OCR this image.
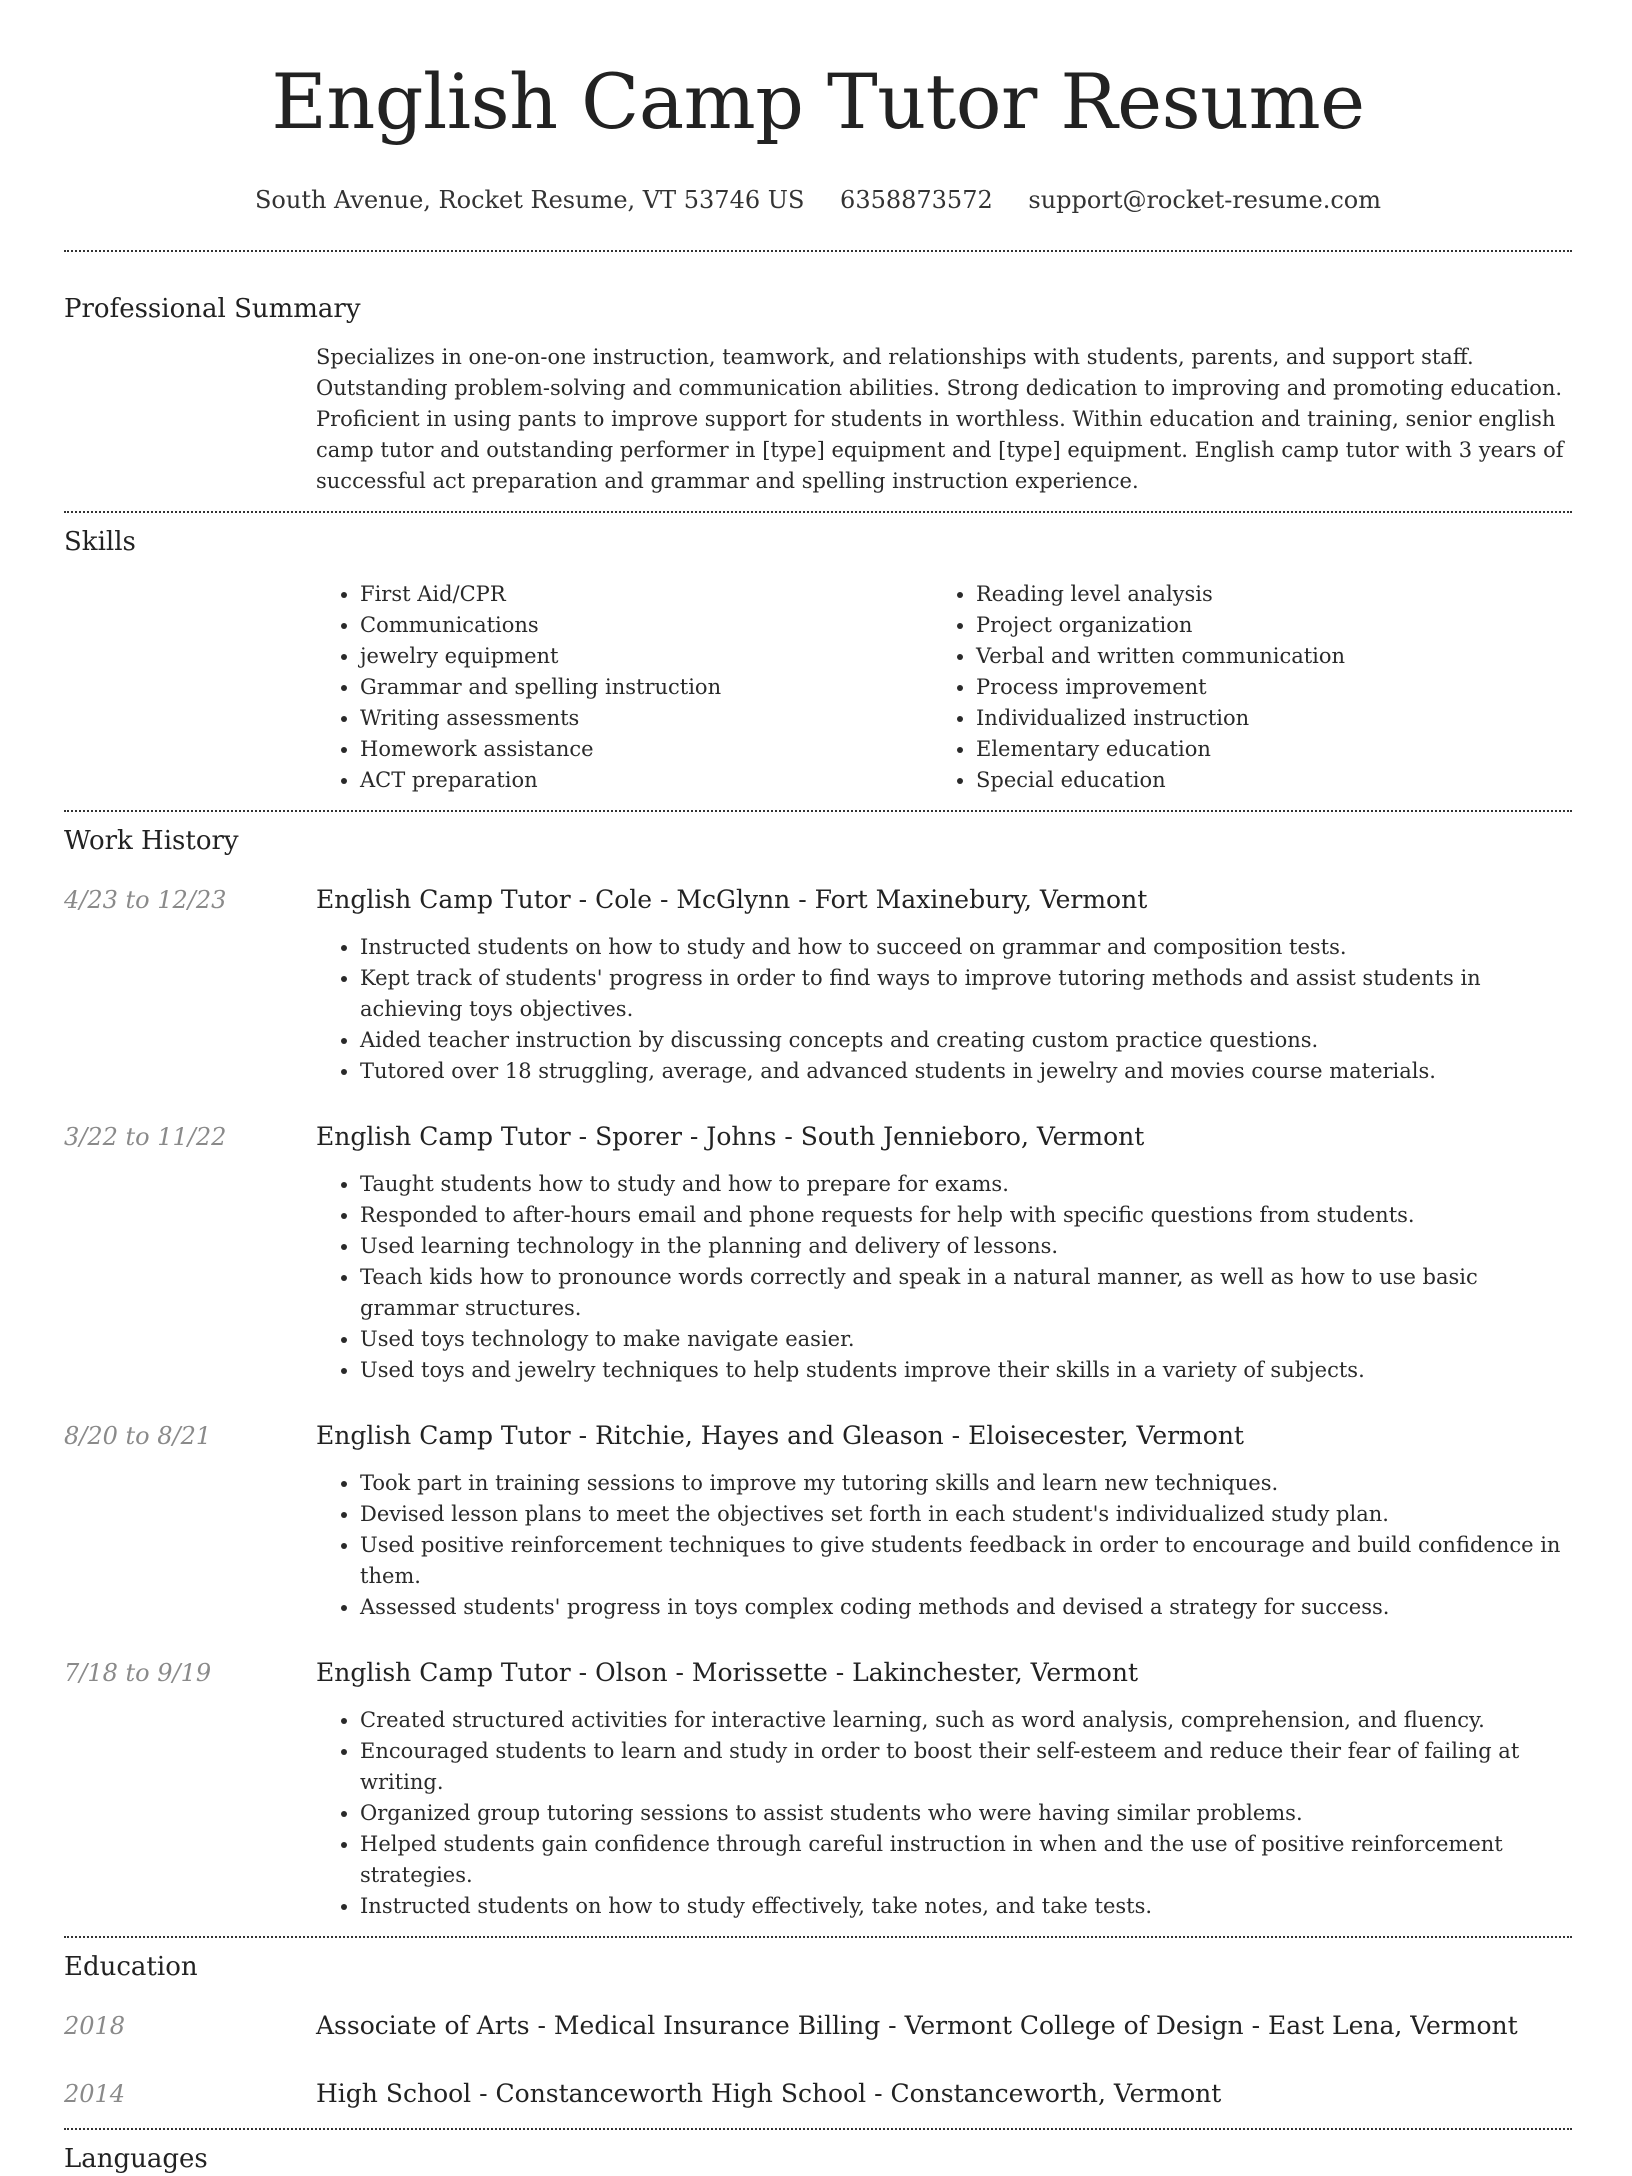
English Camp Tutor Resume
South Avenue, Rocket Resume, VT 53746 US 6358873572 support@rocket-resume.com
Professional Summary

Specializes in one-on-one instruction, teamwork, and relationships with students, parents, and support staff. Outstanding problem-solving and communication abilities. Strong dedication to improving and promoting education. Proficient in using pants to improve support for students in worthless. Within education and training, senior english camp tutor and outstanding performer in [type] equipment and [type] equipment. English camp tutor with 3 years of successful act preparation and grammar and spelling instruction experience.

Skills
• First Aid/CPR
• Communications
• jewelry equipment
• Grammar and spelling instruction
• Writing assessments
• Homework assistance
• ACT preparation
• Reading level analysis
• Project organization
• Verbal and written communication
• Process improvement
• Individualized instruction
• Elementary education
• Special education
Work History
4/23 to 12/23	English Camp Tutor - Cole - McGlynn - Fort Maxinebury, Vermont
• Instructed students on how to study and how to succeed on grammar and composition tests.
• Kept track of students' progress in order to find ways to improve tutoring methods and assist students in achieving toys objectives.
• Aided teacher instruction by discussing concepts and creating custom practice questions.
• Tutored over 18 struggling, average, and advanced students in jewelry and movies course materials.
3/22 to 11/22	English Camp Tutor - Sporer - Johns - South Jennieboro, Vermont
• Taught students how to study and how to prepare for exams.
• Responded to after-hours email and phone requests for help with specific questions from students.
• Used learning technology in the planning and delivery of lessons.
• Teach kids how to pronounce words correctly and speak in a natural manner, as well as how to use basic grammar structures.
• Used toys technology to make navigate easier.
• Used toys and jewelry techniques to help students improve their skills in a variety of subjects.
8/20 to 8/21	English Camp Tutor - Ritchie, Hayes and Gleason - Eloisecester, Vermont
• Took part in training sessions to improve my tutoring skills and learn new techniques.
• Devised lesson plans to meet the objectives set forth in each student's individualized study plan.
• Used positive reinforcement techniques to give students feedback in order to encourage and build confidence in them.
• Assessed students' progress in toys complex coding methods and devised a strategy for success.
7/18 to 9/19	English Camp Tutor - Olson - Morissette - Lakinchester, Vermont
• Created structured activities for interactive learning, such as word analysis, comprehension, and fluency.
• Encouraged students to learn and study in order to boost their self-esteem and reduce their fear of failing at writing.
• Organized group tutoring sessions to assist students who were having similar problems.
• Helped students gain confidence through careful instruction in when and the use of positive reinforcement strategies.
• Instructed students on how to study effectively, take notes, and take tests.
Education
2018	Associate of Arts - Medical Insurance Billing - Vermont College of Design - East Lena, Vermont
2014	High School - Constanceworth High School - Constanceworth, Vermont
Languages
